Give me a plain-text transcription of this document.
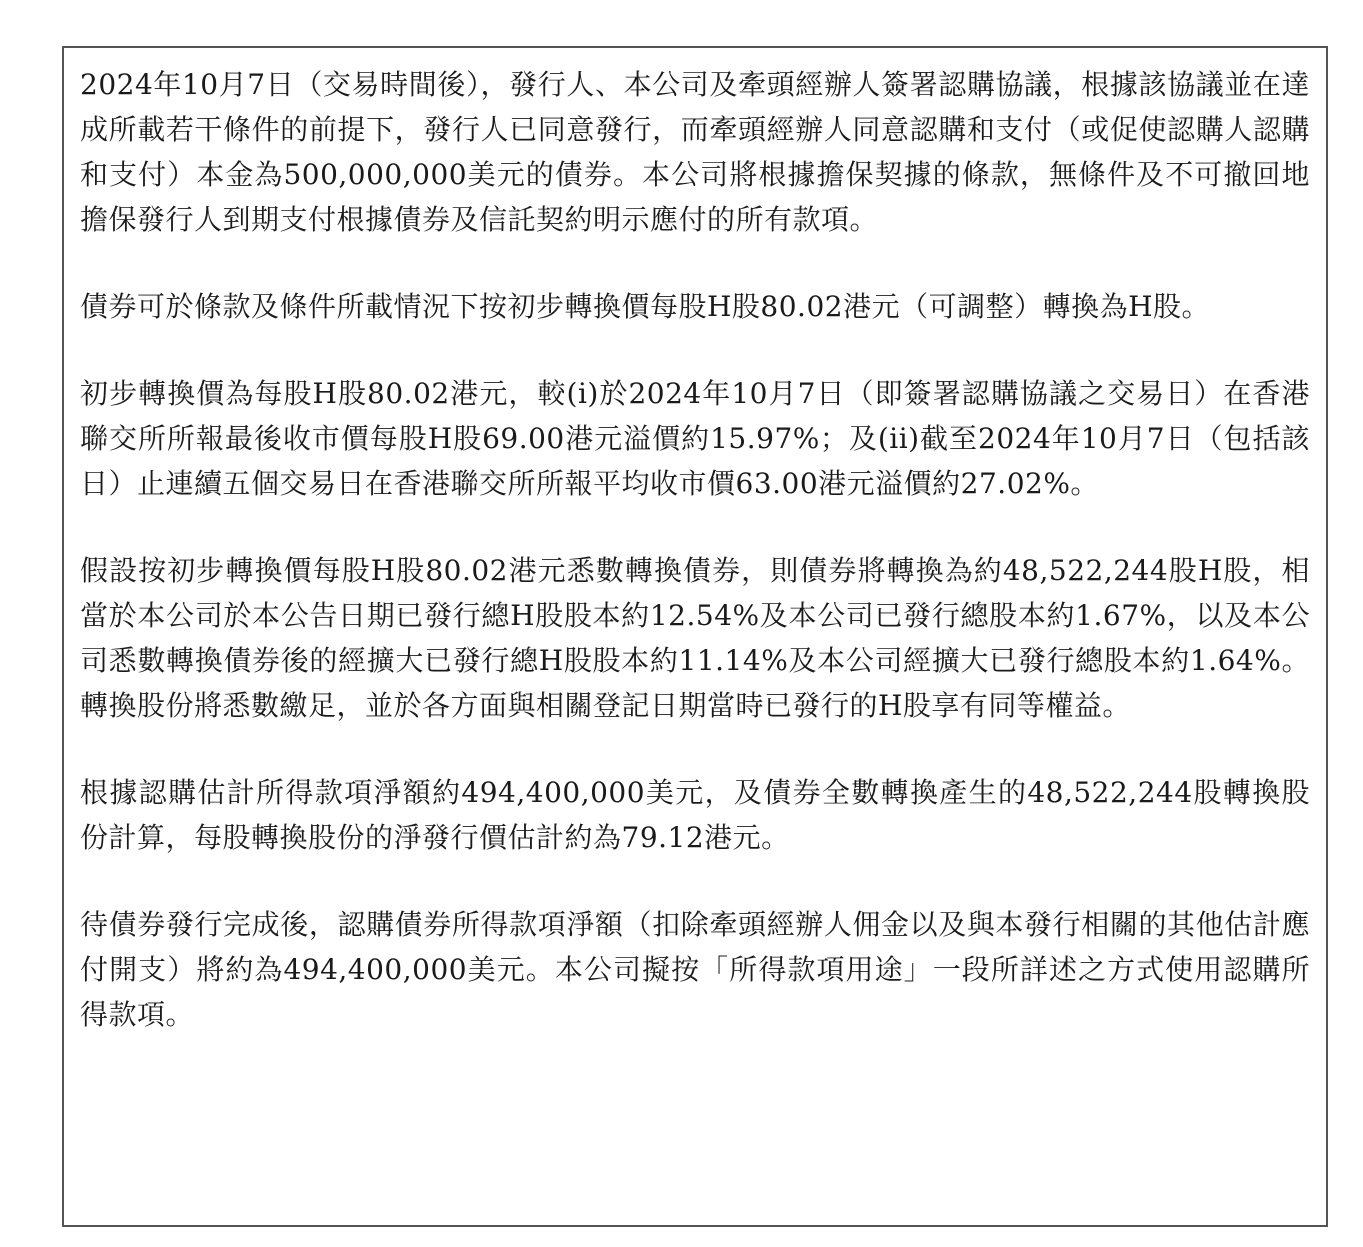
2024年10月7日（交易時間後），發行人、本公司及牽頭經辦人簽署認購協議，根據該協議並在達成所載若干條件的前提下，發行人已同意發行，而牽頭經辦人同意認購和支付（或促使認購人認購和支付）本金為500,000,000美元的債券。本公司將根據擔保契據的條款，無條件及不可撤回地擔保發行人到期支付根據債券及信託契約明示應付的所有款項。

債券可於條款及條件所載情況下按初步轉換價每股H股80.02港元（可調整）轉換為H股。

初步轉換價為每股H股80.02港元，較(i)於2024年10月7日（即簽署認購協議之交易日）在香港聯交所所報最後收市價每股H股69.00港元溢價約15.97%；及(ii)截至2024年10月7日（包括該日）止連續五個交易日在香港聯交所所報平均收市價63.00港元溢價約27.02%。

假設按初步轉換價每股H股80.02港元悉數轉換債券，則債券將轉換為約48,522,244股H股，相當於本公司於本公告日期已發行總H股股本約12.54%及本公司已發行總股本約1.67%，以及本公司悉數轉換債券後的經擴大已發行總H股股本約11.14%及本公司經擴大已發行總股本約1.64%。轉換股份將悉數繳足，並於各方面與相關登記日期當時已發行的H股享有同等權益。

根據認購估計所得款項淨額約494,400,000美元，及債券全數轉換產生的48,522,244股轉換股份計算，每股轉換股份的淨發行價估計約為79.12港元。

待債券發行完成後，認購債券所得款項淨額（扣除牽頭經辦人佣金以及與本發行相關的其他估計應付開支）將約為494,400,000美元。本公司擬按「所得款項用途」一段所詳述之方式使用認購所得款項。
